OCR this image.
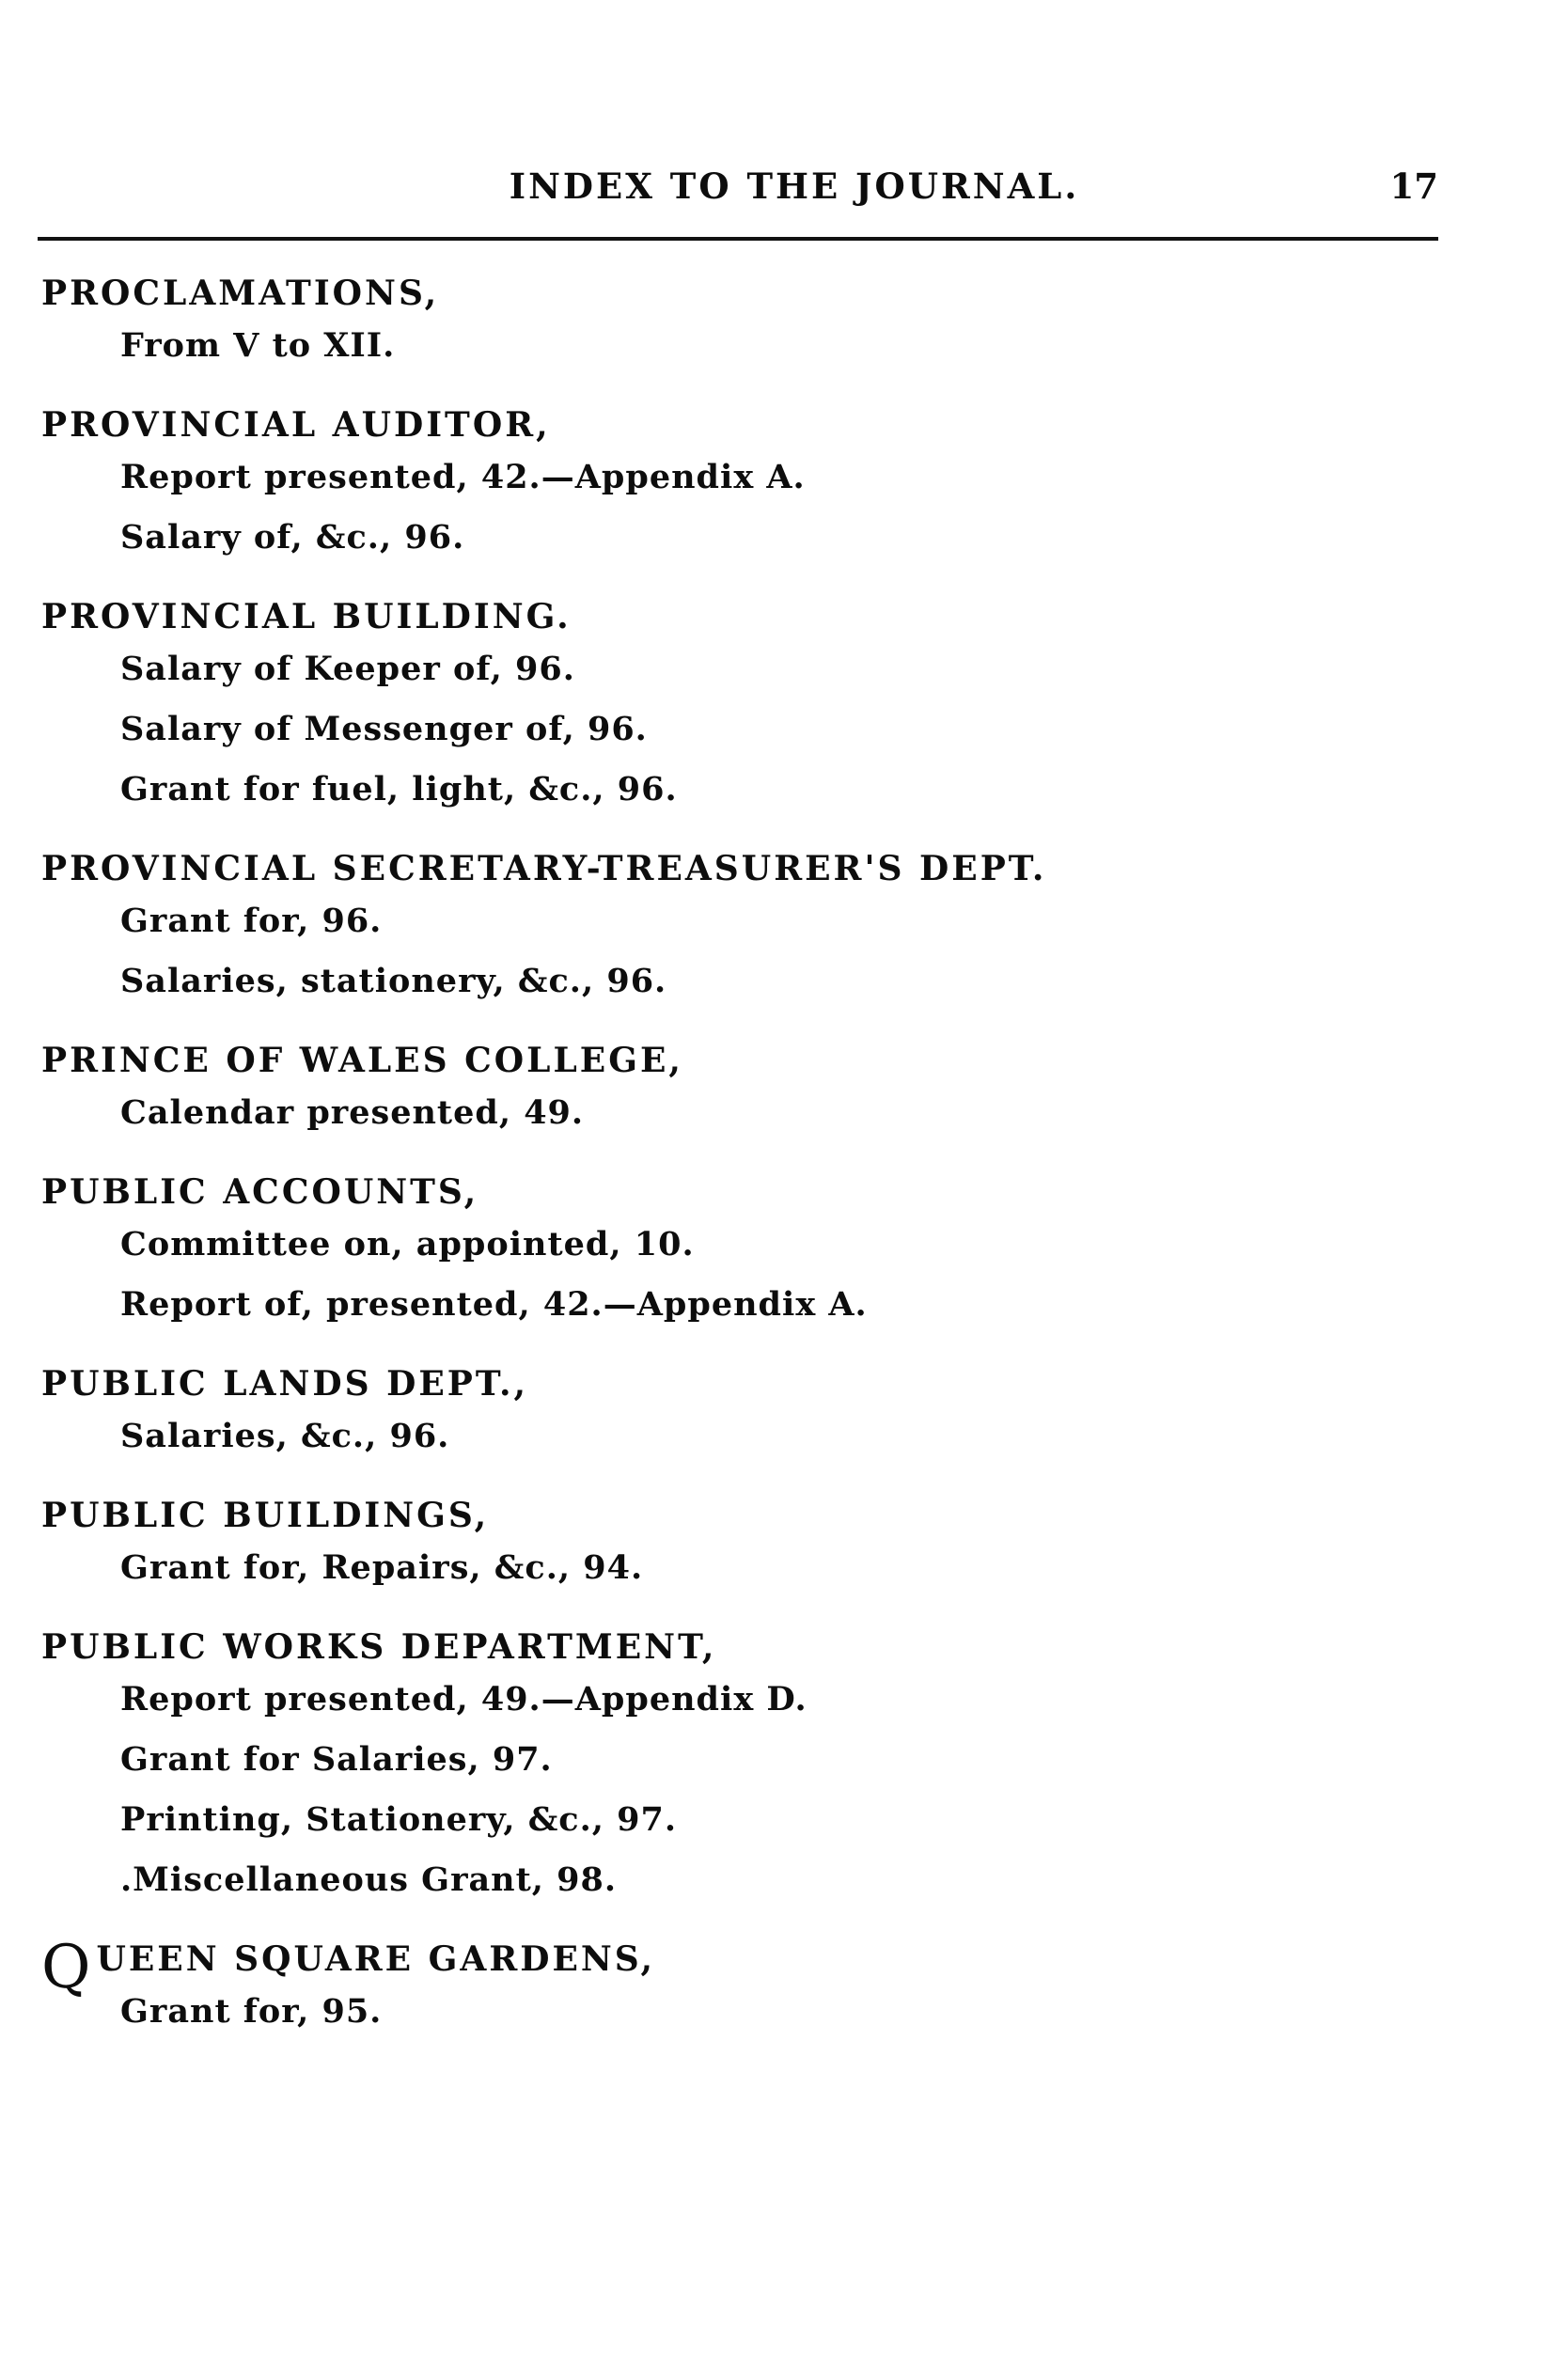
INDEX TO THE JOURNAL.	17
PROCLAMATIONS,
From V to XII.
PROVINCIAL AUDITOR,
Report presented, 42.—Appendix A.
Salary of, &c., 96.
PROVINCIAL BUILDING.
Salary of Keeper of, 96.
Salary of Messenger of, 96.
Grant for fuel, light, &c., 96.
PROVINCIAL SECRETARY-TREASURER'S DEPT.
Grant for, 96.
Salaries, stationery, &c., 96.
PRINCE OF WALES COLLEGE,
Calendar presented, 49.
PUBLIC ACCOUNTS,
Committee on, appointed, 10.
Report of, presented, 42.—Appendix A.
PUBLIC LANDS DEPT.,
Salaries, &c., 96.
PUBLIC BUILDINGS,
Grant for, Repairs, &c., 94.
PUBLIC WORKS DEPARTMENT,
Report presented, 49.—Appendix D.
Grant for Salaries, 97.
Printing, Stationery, &c., 97.
.Miscellaneous Grant, 98.
QUEEN SQUARE GARDENS,
Grant for, 95.
